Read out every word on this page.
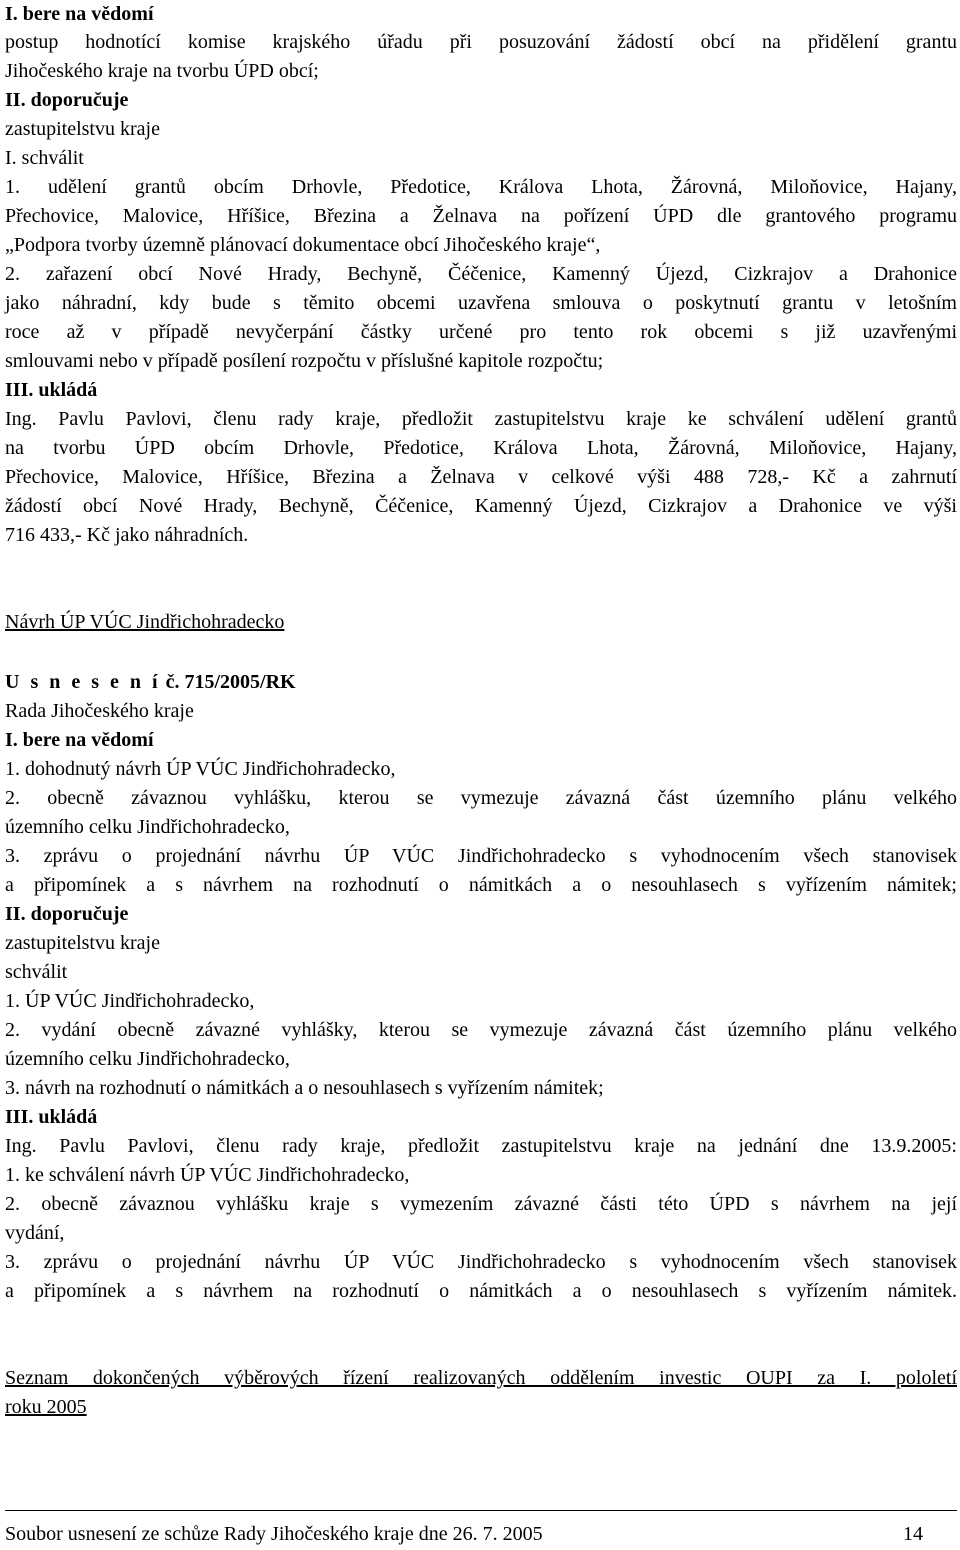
I. bere na vědomí
postup hodnotící komise krajského úřadu při posuzování žádostí obcí na přidělení grantu
Jihočeského kraje na tvorbu ÚPD obcí;
II. doporučuje
zastupitelstvu kraje
I. schválit
1. udělení grantů obcím Drhovle, Předotice, Králova Lhota, Žárovná, Miloňovice, Hajany,
Přechovice, Malovice, Hříšice, Březina a Želnava na pořízení ÚPD dle grantového programu
„Podpora tvorby územně plánovací dokumentace obcí Jihočeského kraje“,
2. zařazení obcí Nové Hrady, Bechyně, Čéčenice, Kamenný Újezd, Cizkrajov a Drahonice
jako náhradní, kdy bude s těmito obcemi uzavřena smlouva o poskytnutí grantu v letošním
roce až v případě nevyčerpání částky určené pro tento rok obcemi s již uzavřenými
smlouvami nebo v případě posílení rozpočtu v příslušné kapitole rozpočtu;
III. ukládá
Ing. Pavlu Pavlovi, členu rady kraje, předložit zastupitelstvu kraje ke schválení udělení grantů
na tvorbu ÚPD obcím Drhovle, Předotice, Králova Lhota, Žárovná, Miloňovice, Hajany,
Přechovice, Malovice, Hříšice, Březina a Želnava v celkové výši 488 728,- Kč a zahrnutí
žádostí obcí Nové Hrady, Bechyně, Čéčenice, Kamenný Újezd, Cizkrajov a Drahonice ve výši
716 433,- Kč jako náhradních.
Návrh ÚP VÚC Jindřichohradecko
U s n e s e n í č. 715/2005/RK
Rada Jihočeského kraje
I. bere na vědomí
1. dohodnutý návrh ÚP VÚC Jindřichohradecko,
2. obecně závaznou vyhlášku, kterou se vymezuje závazná část územního plánu velkého
územního celku Jindřichohradecko,
3. zprávu o projednání návrhu ÚP VÚC Jindřichohradecko s vyhodnocením všech stanovisek
a připomínek a s návrhem na rozhodnutí o námitkách a o nesouhlasech s vyřízením námitek;
II. doporučuje
zastupitelstvu kraje
schválit
1. ÚP VÚC Jindřichohradecko,
2. vydání obecně závazné vyhlášky, kterou se vymezuje závazná část územního plánu velkého
územního celku Jindřichohradecko,
3. návrh na rozhodnutí o námitkách a o nesouhlasech s vyřízením námitek;
III. ukládá
Ing. Pavlu Pavlovi, členu rady kraje, předložit zastupitelstvu kraje na jednání dne 13.9.2005:
1. ke schválení návrh ÚP VÚC Jindřichohradecko,
2. obecně závaznou vyhlášku kraje s vymezením závazné části této ÚPD s návrhem na její
vydání,
3. zprávu o projednání návrhu ÚP VÚC Jindřichohradecko s vyhodnocením všech stanovisek
a připomínek a s návrhem na rozhodnutí o námitkách a o nesouhlasech s vyřízením námitek.
Seznam dokončených výběrových řízení realizovaných oddělením investic OUPI za I. pololetí
roku 2005
Soubor usnesení ze schůze Rady Jihočeského kraje dne 26. 7. 2005	14
